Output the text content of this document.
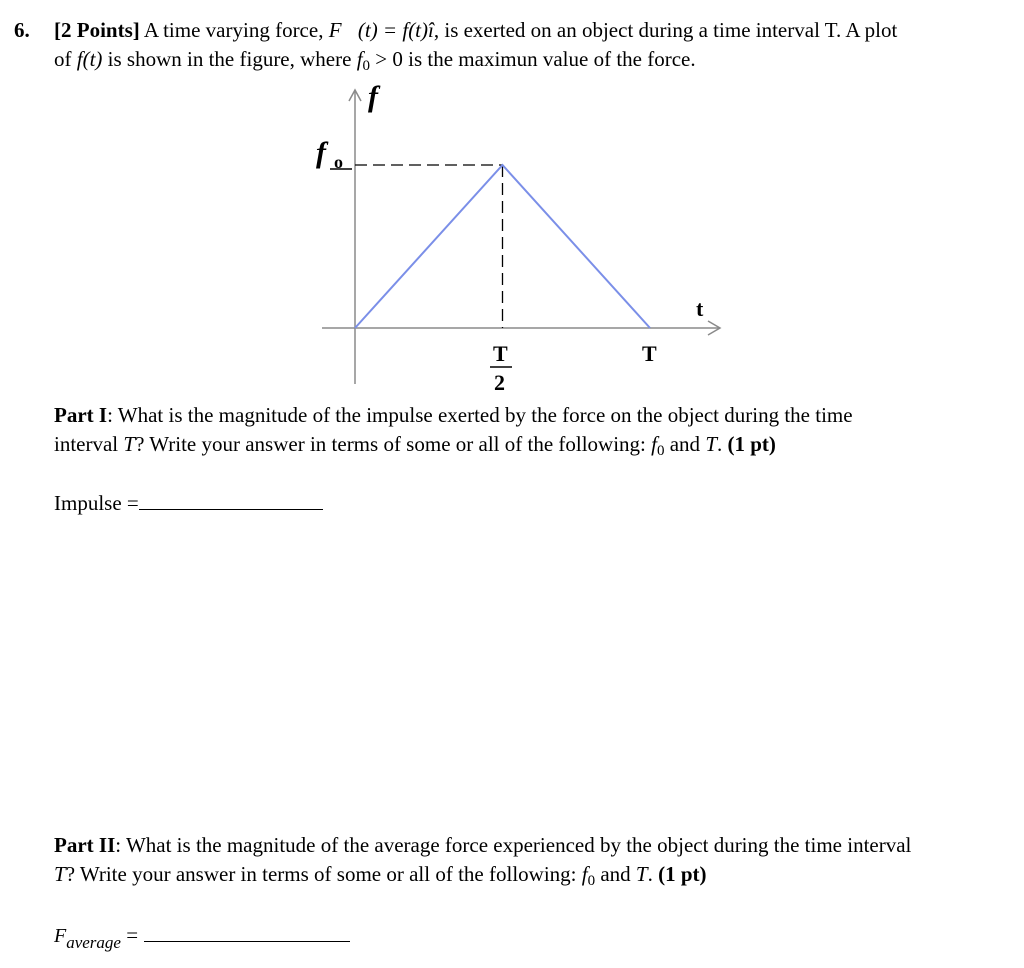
6. [2 Points] A time varying force, F⃗(t) = f(t)î, is exerted on an object during a time interval T. A plot
of f(t) is shown in the figure, where $f_0 > 0$ is the maximun value of the force.
f
f o
t
T
2
T
Part I: What is the magnitude of the impulse exerted by the force on the object during the time
interval T? Write your answer in terms of some or all of the following: $f_0$ and T. (1 pt)
Impulse =
Part II: What is the magnitude of the average force experienced by the object during the time interval
T? Write your answer in terms of some or all of the following: $f_0$ and T. (1 pt)
$F_{average}$ =
